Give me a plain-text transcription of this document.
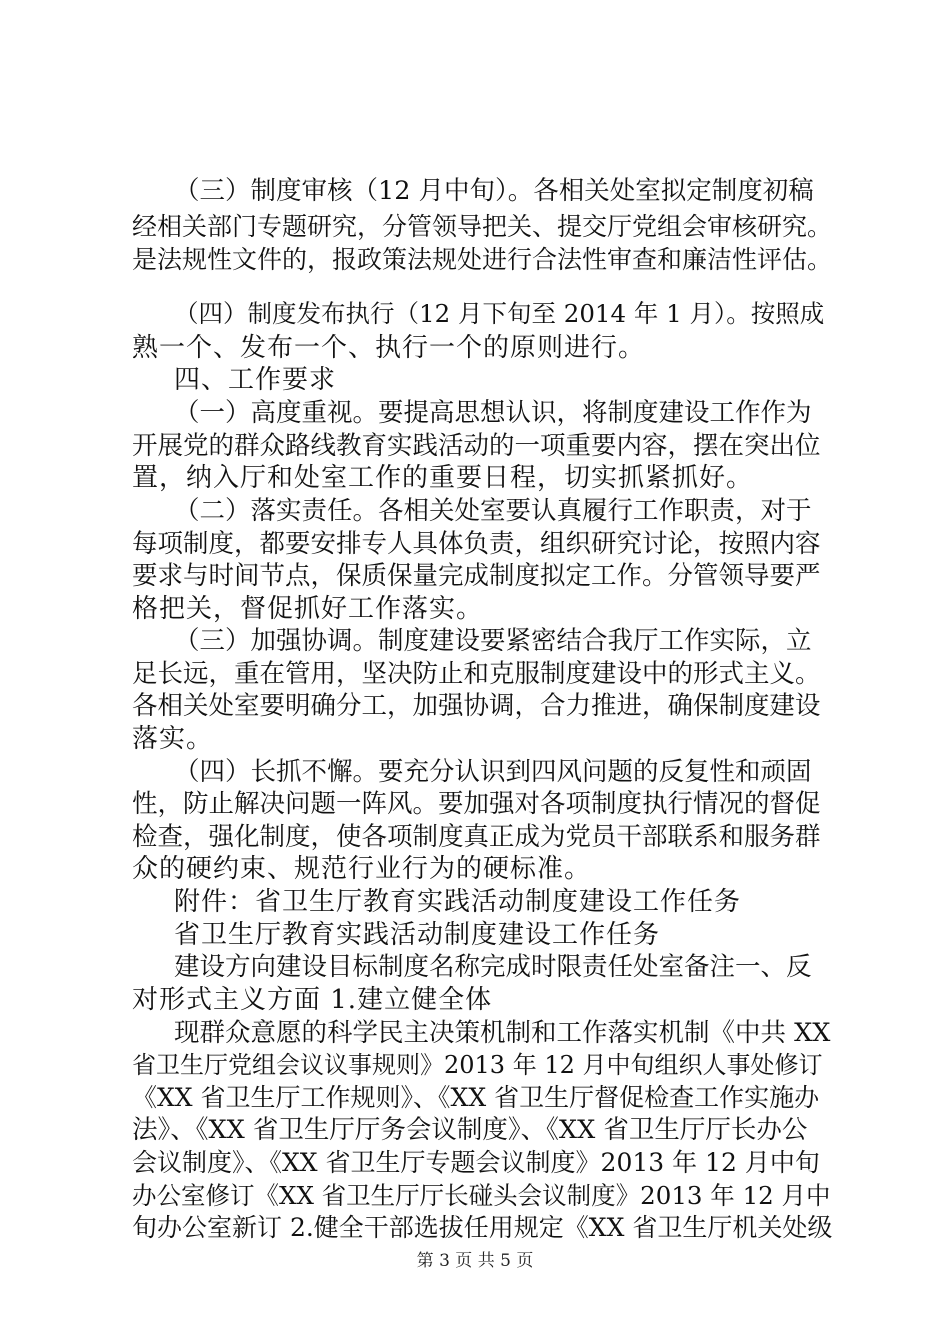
（三）制度审核（12 月中旬）。各相关处室拟定制度初稿
经相关部门专题研究，分管领导把关、提交厅党组会审核研究。
是法规性文件的，报政策法规处进行合法性审查和廉洁性评估。
（四）制度发布执行（12 月下旬至 2014 年 1 月）。按照成
熟一个、发布一个、执行一个的原则进行。
四、工作要求
（一）高度重视。要提高思想认识，将制度建设工作作为
开展党的群众路线教育实践活动的一项重要内容，摆在突出位
置，纳入厅和处室工作的重要日程，切实抓紧抓好。
（二）落实责任。各相关处室要认真履行工作职责，对于
每项制度，都要安排专人具体负责，组织研究讨论，按照内容
要求与时间节点，保质保量完成制度拟定工作。分管领导要严
格把关，督促抓好工作落实。
（三）加强协调。制度建设要紧密结合我厅工作实际，立
足长远，重在管用，坚决防止和克服制度建设中的形式主义。
各相关处室要明确分工，加强协调，合力推进，确保制度建设
落实。
（四）长抓不懈。要充分认识到四风问题的反复性和顽固
性，防止解决问题一阵风。要加强对各项制度执行情况的督促
检查，强化制度，使各项制度真正成为党员干部联系和服务群
众的硬约束、规范行业行为的硬标准。
附件：省卫生厅教育实践活动制度建设工作任务
省卫生厅教育实践活动制度建设工作任务
建设方向建设目标制度名称完成时限责任处室备注一、反
对形式主义方面 1.建立健全体
现群众意愿的科学民主决策机制和工作落实机制《中共 XX
省卫生厅党组会议议事规则》2013 年 12 月中旬组织人事处修订
《XX 省卫生厅工作规则》、《XX 省卫生厅督促检查工作实施办
法》、《XX 省卫生厅厅务会议制度》、《XX 省卫生厅厅长办公
会议制度》、《XX 省卫生厅专题会议制度》2013 年 12 月中旬
办公室修订《XX 省卫生厅厅长碰头会议制度》2013 年 12 月中
旬办公室新订 2.健全干部选拔任用规定《XX 省卫生厅机关处级
第 3 页 共 5 页
